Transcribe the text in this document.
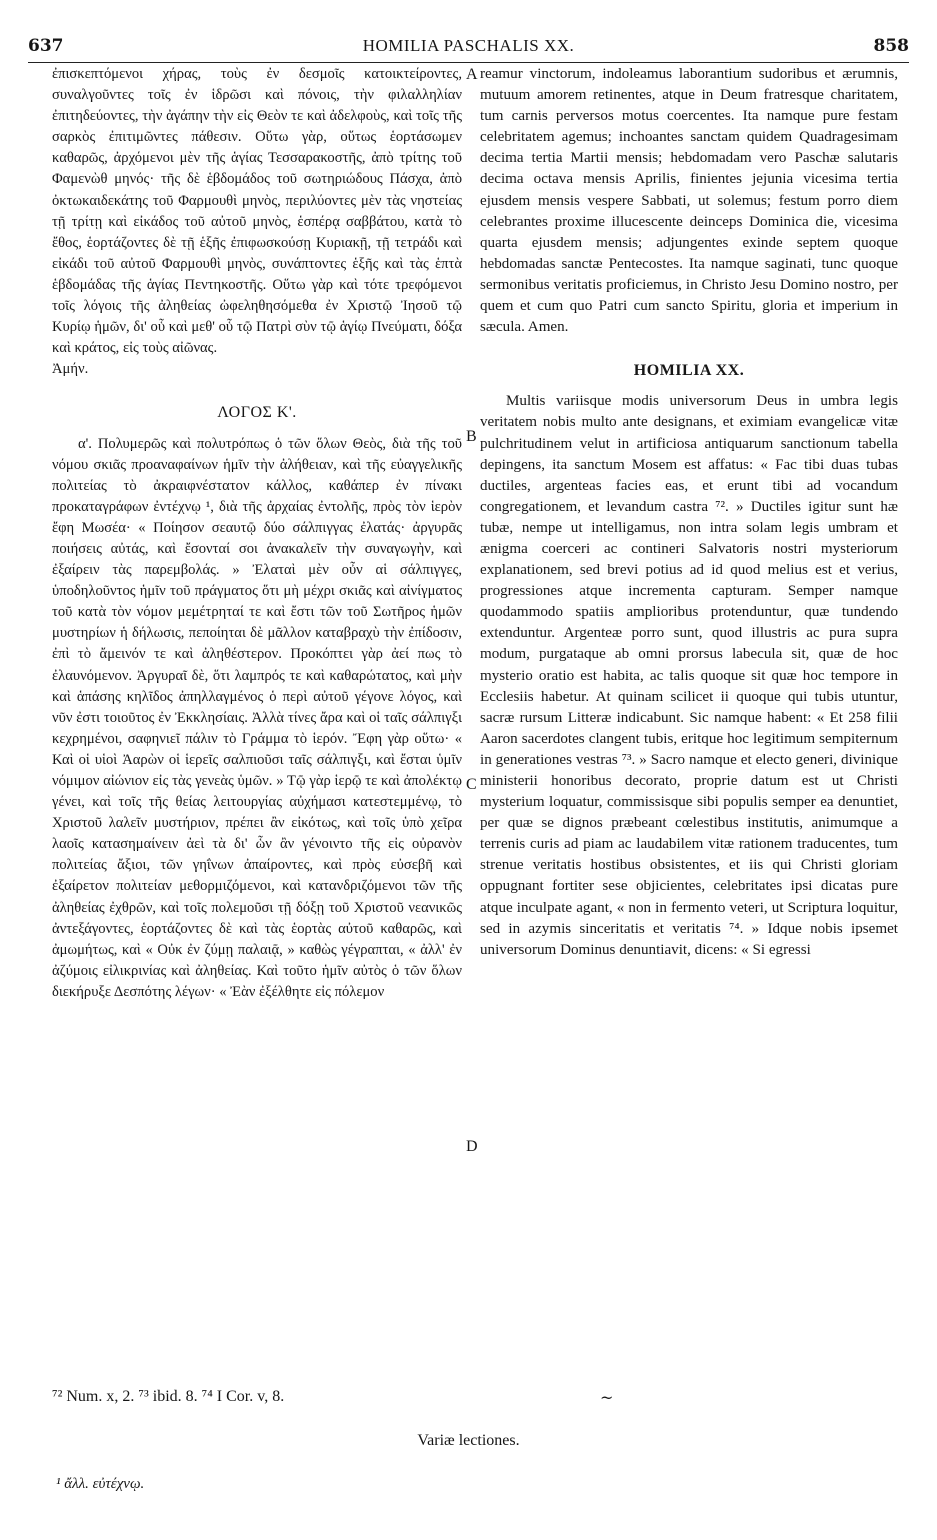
637	HOMILIA PASCHALIS XX.	858

ἐπισκεπτόμενοι χήρας, τοὺς ἐν δεσμοῖς κατοικτείροντες, συναλγοῦντες τοῖς ἐν ἱδρῶσι καὶ πόνοις, τὴν φιλαλληλίαν ἐπιτηδεύοντες, τὴν ἀγάπην τὴν εἰς Θεὸν τε καὶ ἀδελφοὺς, καὶ τοῖς τῆς σαρκὸς ἐπιτιμῶντες πάθεσιν. Οὕτω γὰρ, οὕτως ἑορτάσωμεν καθαρῶς, ἀρχόμενοι μὲν τῆς ἁγίας Τεσσαρακοστῆς, ἀπὸ τρίτης τοῦ Φαμενὼθ μηνός· τῆς δὲ ἑβδομάδος τοῦ σωτηριώδους Πάσχα, ἀπὸ ὀκτωκαιδεκάτης τοῦ Φαρμουθὶ μηνὸς, περιλύοντες μὲν τὰς νηστείας τῇ τρίτῃ καὶ εἰκάδος τοῦ αὐτοῦ μηνὸς, ἑσπέρᾳ σαββάτου, κατὰ τὸ ἔθος, ἑορτάζοντες δὲ τῇ ἑξῆς ἐπιφωσκούσῃ Κυριακῇ, τῇ τετράδι καὶ εἰκάδι τοῦ αὐτοῦ Φαρμουθὶ μηνὸς, συνάπτοντες ἑξῆς καὶ τὰς ἑπτὰ ἑβδομάδας τῆς ἁγίας Πεντηκοστῆς. Οὕτω γὰρ καὶ τότε τρεφόμενοι τοῖς λόγοις τῆς ἀληθείας ὠφεληθησόμεθα ἐν Χριστῷ Ἰησοῦ τῷ Κυρίῳ ἡμῶν, δι' οὗ καὶ μεθ' οὗ τῷ Πατρὶ σὺν τῷ ἁγίῳ Πνεύματι, δόξα καὶ κράτος, εἰς τοὺς αἰῶνας.

Ἀμήν.

ΛΟΓΟΣ Κ'.

α'. Πολυμερῶς καὶ πολυτρόπως ὁ τῶν ὅλων Θεὸς, διὰ τῆς τοῦ νόμου σκιᾶς προαναφαίνων ἡμῖν τὴν ἀλήθειαν, καὶ τῆς εὐαγγελικῆς πολιτείας τὸ ἀκραιφνέστατον κάλλος, καθάπερ ἐν πίνακι προκαταγράφων ἐντέχνῳ ¹, διὰ τῆς ἀρχαίας ἐντολῆς, πρὸς τὸν ἱερὸν ἔφη Μωσέα· « Ποίησον σεαυτῷ δύο σάλπιγγας ἐλατάς· ἀργυρᾶς ποιήσεις αὐτάς, καὶ ἔσονταί σοι ἀνακαλεῖν τὴν συναγωγὴν, καὶ ἐξαίρειν τὰς παρεμβολάς. » Ἐλαταὶ μὲν οὖν αἱ σάλπιγγες, ὑποδηλοῦντος ἡμῖν τοῦ πράγματος ὅτι μὴ μέχρι σκιᾶς καὶ αἰνίγματος τοῦ κατὰ τὸν νόμον μεμέτρηταί τε καὶ ἔστι τῶν τοῦ Σωτῆρος ἡμῶν μυστηρίων ἡ δήλωσις, πεποίηται δὲ μᾶλλον καταβραχὺ τὴν ἐπίδοσιν, ἐπὶ τὸ ἄμεινόν τε καὶ ἀληθέστερον. Προκόπτει γὰρ ἀεί πως τὸ ἐλαυνόμενον. Ἀργυραῖ δὲ, ὅτι λαμπρός τε καὶ καθαρώτατος, καὶ μὴν καὶ ἁπάσης κηλῖδος ἀπηλλαγμένος ὁ περὶ αὐτοῦ γέγονε λόγος, καὶ νῦν ἐστι τοιοῦτος ἐν Ἐκκλησίαις. Ἀλλὰ τίνες ἄρα καὶ οἱ ταῖς σάλπιγξι κεχρημένοι, σαφηνιεῖ πάλιν τὸ Γράμμα τὸ ἱερόν. Ἔφη γὰρ οὕτω· « Καὶ οἱ υἱοὶ Ἀαρὼν οἱ ἱερεῖς σαλπιοῦσι ταῖς σάλπιγξι, καὶ ἔσται ὑμῖν νόμιμον αἰώνιον εἰς τὰς γενεὰς ὑμῶν. » Τῷ γὰρ ἱερῷ τε καὶ ἀπολέκτῳ γένει, καὶ τοῖς τῆς θείας λειτουργίας αὐχήμασι κατεστεμμένῳ, τὸ Χριστοῦ λαλεῖν μυστήριον, πρέπει ἂν εἰκότως, καὶ τοῖς ὑπὸ χεῖρα λαοῖς κατασημαίνειν ἀεὶ τὰ δι' ὧν ἂν γένοιντο τῆς εἰς οὐρανὸν πολιτείας ἄξιοι, τῶν γηΐνων ἀπαίροντες, καὶ πρὸς εὐσεβῆ καὶ ἐξαίρετον πολιτείαν μεθορμιζόμενοι, καὶ κατανδριζόμενοι τῶν τῆς ἀληθείας ἐχθρῶν, καὶ τοῖς πολεμοῦσι τῇ δόξῃ τοῦ Χριστοῦ νεανικῶς ἀντεξάγοντες, ἑορτάζοντες δὲ καὶ τὰς ἑορτὰς αὐτοῦ καθαρῶς, καὶ ἀμωμήτως, καὶ « Οὐκ ἐν ζύμῃ παλαιᾷ, » καθὼς γέγραπται, « ἀλλ' ἐν ἀζύμοις εἰλικρινίας καὶ ἀληθείας. Καὶ τοῦτο ἡμῖν αὐτὸς ὁ τῶν ὅλων διεκήρυξε Δεσπότης λέγων· « Ἐὰν ἐξέλθητε εἰς πόλεμον

reamur vinctorum, indoleamus laborantium sudoribus et ærumnis, mutuum amorem retinentes, atque in Deum fratresque charitatem, tum carnis perversos motus coercentes. Ita namque pure festam celebritatem agemus; inchoantes sanctam quidem Quadragesimam decima tertia Martii mensis; hebdomadam vero Paschæ salutaris decima octava mensis Aprilis, finientes jejunia vicesima tertia ejusdem mensis vespere Sabbati, ut solemus; festum porro diem celebrantes proxime illucescente deinceps Dominica die, vicesima quarta ejusdem mensis; adjungentes exinde septem quoque hebdomadas sanctæ Pentecostes. Ita namque saginati, tunc quoque sermonibus veritatis proficiemus, in Christo Jesu Domino nostro, per quem et cum quo Patri cum sancto Spiritu, gloria et imperium in sæcula. Amen.

HOMILIA XX.

Multis variisque modis universorum Deus in umbra legis veritatem nobis multo ante designans, et eximiam evangelicæ vitæ pulchritudinem velut in artificiosa antiquarum sanctionum tabella depingens, ita sanctum Mosem est affatus: « Fac tibi duas tubas ductiles, argenteas facies eas, et erunt tibi ad vocandum congregationem, et levandum castra ⁷². » Ductiles igitur sunt hæ tubæ, nempe ut intelligamus, non intra solam legis umbram et ænigma coerceri ac contineri Salvatoris nostri mysteriorum explanationem, sed brevi potius ad id quod melius est et verius, progressiones atque incrementa capturam. Semper namque quodammodo spatiis amplioribus protenduntur, quæ tundendo extenduntur. Argenteæ porro sunt, quod illustris ac pura supra modum, purgataque ab omni prorsus labecula sit, quæ de hoc mysterio oratio est habita, ac talis quoque sit quæ hoc tempore in Ecclesiis habetur. At quinam scilicet ii quoque qui tubis utuntur, sacræ rursum Litteræ indicabunt. Sic namque habent: « Et 258 filii Aaron sacerdotes clangent tubis, eritque hoc legitimum sempiternum in generationes vestras ⁷³. » Sacro namque et electo generi, divinique ministerii honoribus decorato, proprie datum est ut Christi mysterium loquatur, commissisque sibi populis semper ea denuntiet, per quæ se dignos præbeant cœlestibus institutis, animumque a terrenis curis ad piam ac laudabilem vitæ rationem traducentes, tum strenue veritatis hostibus obsistentes, et iis qui Christi gloriam oppugnant fortiter sese objicientes, celebritates ipsi dicatas pure atque inculpate agant, « non in fermento veteri, ut Scriptura loquitur, sed in azymis sinceritatis et veritatis ⁷⁴. » Idque nobis ipsemet universorum Dominus denuntiavit, dicens: « Si egressi

A
B
C
D
⁷² Num. x, 2. ⁷³ ibid. 8. ⁷⁴ I Cor. v, 8.	~
Variæ lectiones.
¹ ἄλλ. εὐτέχνῳ.
